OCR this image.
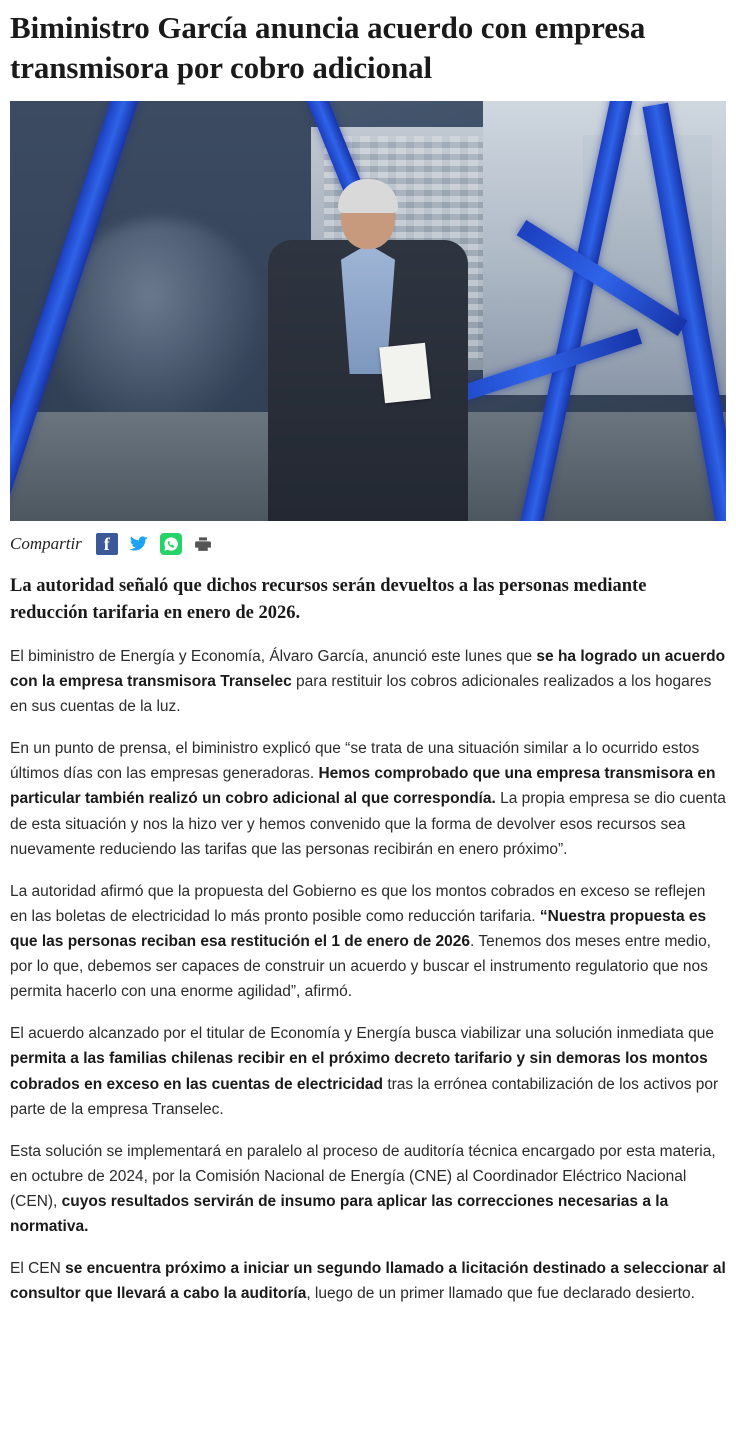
Biministro García anuncia acuerdo con empresa transmisora por cobro adicional
Compartir	f

La autoridad señaló que dichos recursos serán devueltos a las personas mediante reducción tarifaria en enero de 2026.

El biministro de Energía y Economía, Álvaro García, anunció este lunes que se ha logrado un acuerdo con la empresa transmisora Transelec para restituir los cobros adicionales realizados a los hogares en sus cuentas de la luz.

En un punto de prensa, el biministro explicó que “se trata de una situación similar a lo ocurrido estos últimos días con las empresas generadoras. Hemos comprobado que una empresa transmisora en particular también realizó un cobro adicional al que correspondía. La propia empresa se dio cuenta de esta situación y nos la hizo ver y hemos convenido que la forma de devolver esos recursos sea nuevamente reduciendo las tarifas que las personas recibirán en enero próximo”.

La autoridad afirmó que la propuesta del Gobierno es que los montos cobrados en exceso se reflejen en las boletas de electricidad lo más pronto posible como reducción tarifaria. “Nuestra propuesta es que las personas reciban esa restitución el 1 de enero de 2026. Tenemos dos meses entre medio, por lo que, debemos ser capaces de construir un acuerdo y buscar el instrumento regulatorio que nos permita hacerlo con una enorme agilidad”, afirmó.

El acuerdo alcanzado por el titular de Economía y Energía busca viabilizar una solución inmediata que permita a las familias chilenas recibir en el próximo decreto tarifario y sin demoras los montos cobrados en exceso en las cuentas de electricidad tras la errónea contabilización de los activos por parte de la empresa Transelec.

Esta solución se implementará en paralelo al proceso de auditoría técnica encargado por esta materia, en octubre de 2024, por la Comisión Nacional de Energía (CNE) al Coordinador Eléctrico Nacional (CEN), cuyos resultados servirán de insumo para aplicar las correcciones necesarias a la normativa.

El CEN se encuentra próximo a iniciar un segundo llamado a licitación destinado a seleccionar al consultor que llevará a cabo la auditoría, luego de un primer llamado que fue declarado desierto.
